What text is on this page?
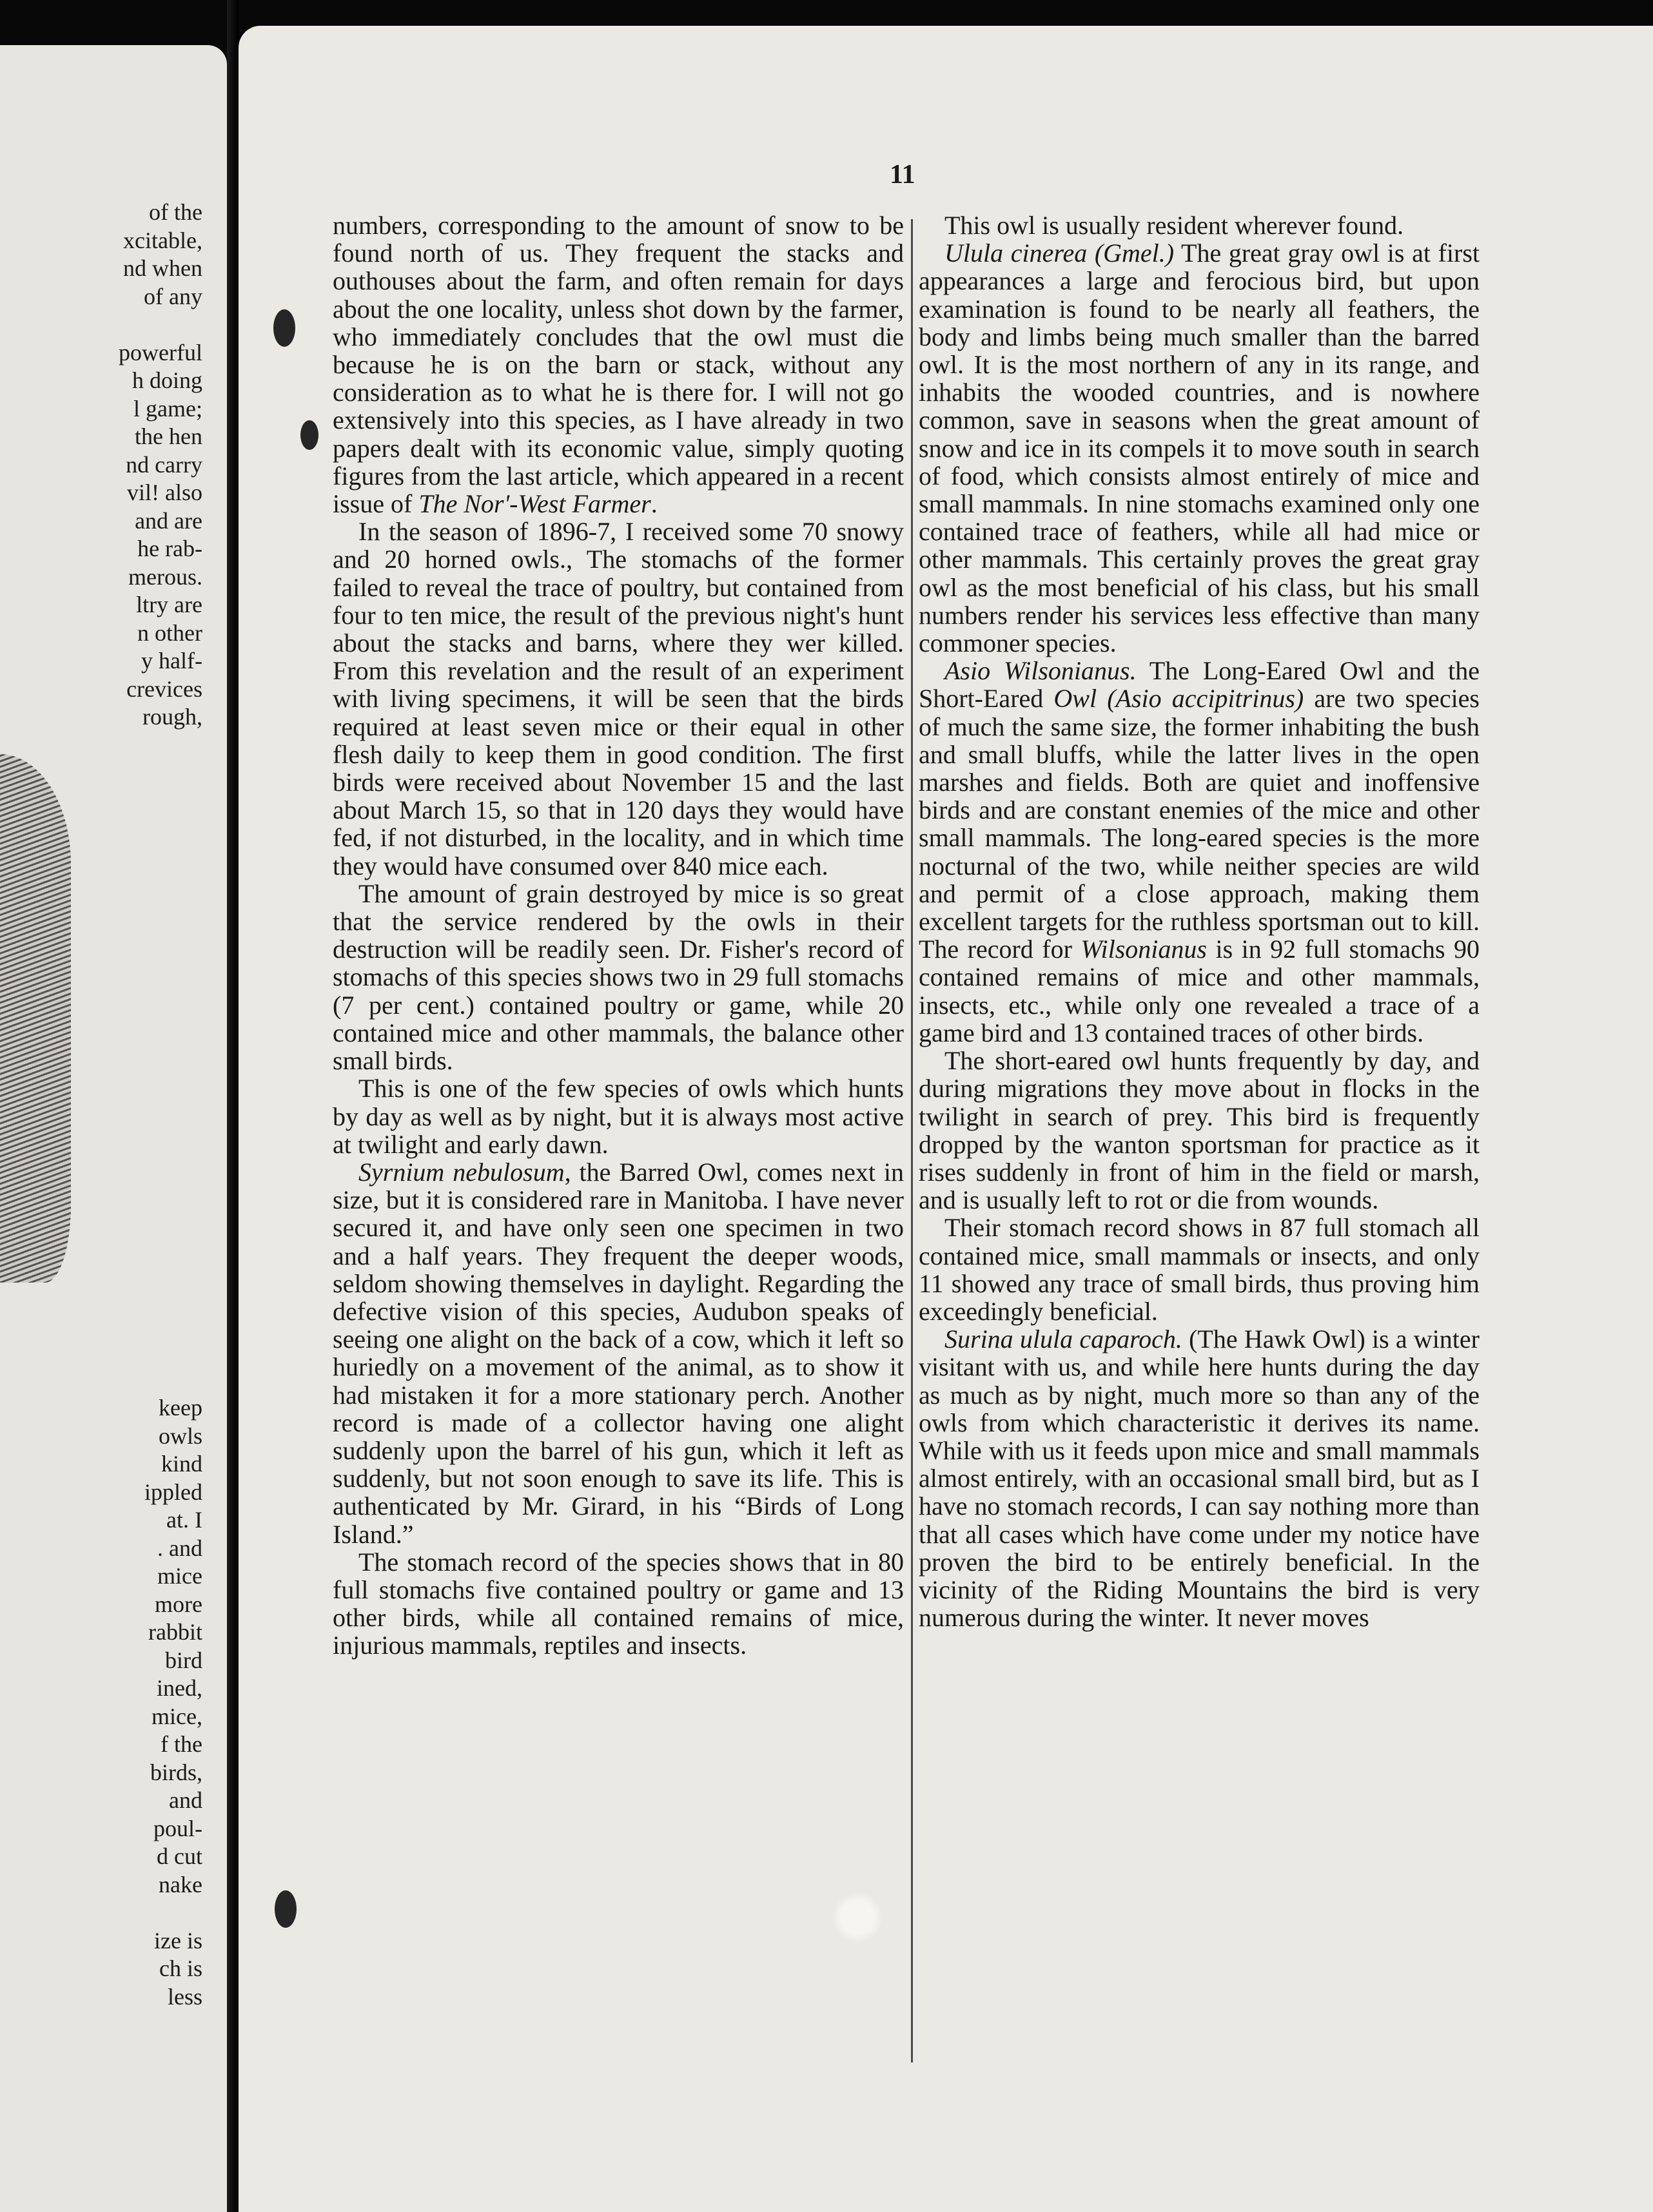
of the
xcitable,
nd when
of any

powerful
h doing
l game;
the hen
nd carry
vil! also
and are
he rab-
merous.
ltry are
n other
y half-
crevices
rough,
keep
owls
kind
ippled
at. I
. and
mice
more
rabbit
bird
ined,
mice,
f the
birds,
and
poul-
d cut
nake

ize is
ch is
less
11

numbers, corresponding to the amount of snow to be found north of us. They frequent the stacks and outhouses about the farm, and often remain for days about the one locality, unless shot down by the farmer, who immediately concludes that the owl must die because he is on the barn or stack, without any consideration as to what he is there for. I will not go extensively into this species, as I have already in two papers dealt with its economic value, simply quoting figures from the last article, which appeared in a recent issue of The Nor'-West Farmer.

In the season of 1896-7, I received some 70 snowy and 20 horned owls., The stomachs of the former failed to reveal the trace of poultry, but contained from four to ten mice, the result of the previous night's hunt about the stacks and barns, where they wer killed. From this revelation and the result of an experiment with living specimens, it will be seen that the birds required at least seven mice or their equal in other flesh daily to keep them in good condition. The first birds were received about November 15 and the last about March 15, so that in 120 days they would have fed, if not disturbed, in the locality, and in which time they would have consumed over 840 mice each.

The amount of grain destroyed by mice is so great that the service rendered by the owls in their destruction will be readily seen. Dr. Fisher's record of stomachs of this species shows two in 29 full stomachs (7 per cent.) contained poultry or game, while 20 contained mice and other mammals, the balance other small birds.

This is one of the few species of owls which hunts by day as well as by night, but it is always most active at twilight and early dawn.

Syrnium nebulosum, the Barred Owl, comes next in size, but it is considered rare in Manitoba. I have never secured it, and have only seen one specimen in two and a half years. They frequent the deeper woods, seldom showing themselves in daylight. Regarding the defective vision of this species, Audubon speaks of seeing one alight on the back of a cow, which it left so huriedly on a movement of the animal, as to show it had mistaken it for a more stationary perch. Another record is made of a collector having one alight suddenly upon the barrel of his gun, which it left as suddenly, but not soon enough to save its life. This is authenticated by Mr. Girard, in his “Birds of Long Island.”

The stomach record of the species shows that in 80 full stomachs five contained poultry or game and 13 other birds, while all contained remains of mice, injurious mammals, reptiles and insects.

This owl is usually resident wherever found.

Ulula cinerea (Gmel.) The great gray owl is at first appearances a large and ferocious bird, but upon examination is found to be nearly all feathers, the body and limbs being much smaller than the barred owl. It is the most northern of any in its range, and inhabits the wooded countries, and is nowhere common, save in seasons when the great amount of snow and ice in its compels it to move south in search of food, which consists almost entirely of mice and small mammals. In nine stomachs examined only one contained trace of feathers, while all had mice or other mammals. This certainly proves the great gray owl as the most beneficial of his class, but his small numbers render his services less effective than many commoner species.

Asio Wilsonianus. The Long-Eared Owl and the Short-Eared Owl (Asio accipitrinus) are two species of much the same size, the former inhabiting the bush and small bluffs, while the latter lives in the open marshes and fields. Both are quiet and inoffensive birds and are constant enemies of the mice and other small mammals. The long-eared species is the more nocturnal of the two, while neither species are wild and permit of a close approach, making them excellent targets for the ruthless sportsman out to kill. The record for Wilsonianus is in 92 full stomachs 90 contained remains of mice and other mammals, insects, etc., while only one revealed a trace of a game bird and 13 contained traces of other birds.

The short-eared owl hunts frequently by day, and during migrations they move about in flocks in the twilight in search of prey. This bird is frequently dropped by the wanton sportsman for practice as it rises suddenly in front of him in the field or marsh, and is usually left to rot or die from wounds.

Their stomach record shows in 87 full stomach all contained mice, small mammals or insects, and only 11 showed any trace of small birds, thus proving him exceedingly beneficial.

Surina ulula caparoch. (The Hawk Owl) is a winter visitant with us, and while here hunts during the day as much as by night, much more so than any of the owls from which characteristic it derives its name. While with us it feeds upon mice and small mammals almost entirely, with an occasional small bird, but as I have no stomach records, I can say nothing more than that all cases which have come under my notice have proven the bird to be entirely beneficial. In the vicinity of the Riding Mountains the bird is very numerous during the winter. It never moves
